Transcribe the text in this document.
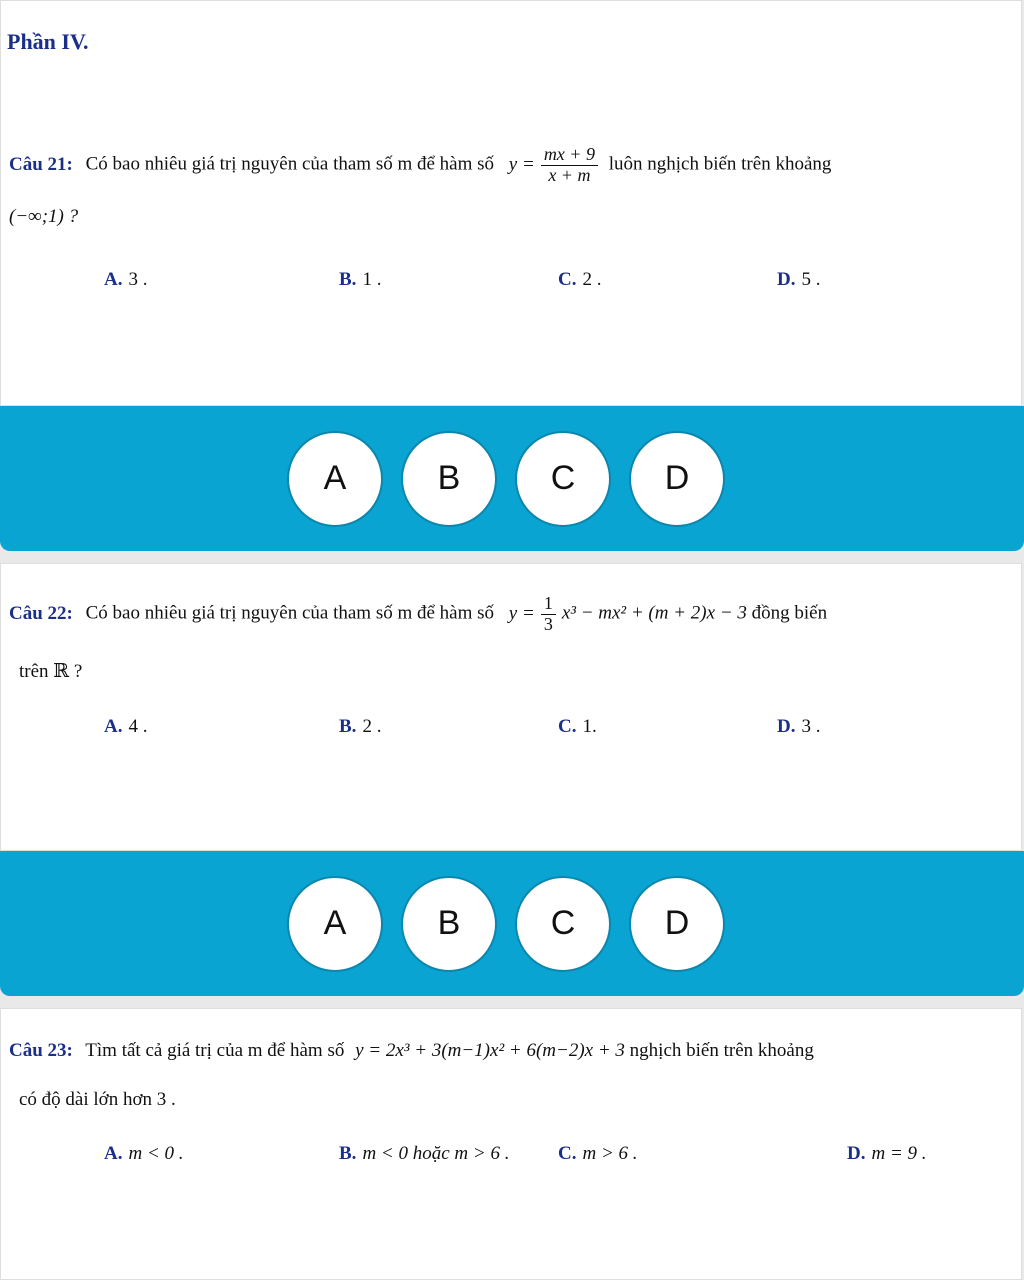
Phần IV.
Câu 21: Có bao nhiêu giá trị nguyên của tham số m để hàm số $y = \frac{mx + 9}{x + m}$ luôn nghịch biến trên khoảng
(−∞;1) ?
A. 3 .	B. 1 .	C. 2 .	D. 5 .
A	B	C	D
Câu 22: Có bao nhiêu giá trị nguyên của tham số m để hàm số $y = \frac{1}{3} x^3 - mx^2 + (m + 2)x - 3$ đồng biến
trên ℝ ?
A. 4 .	B. 2 .	C. 1.	D. 3 .
A	B	C	D
Câu 23: Tìm tất cả giá trị của m để hàm số y = 2x³ + 3(m−1)x² + 6(m−2)x + 3 nghịch biến trên khoảng
có độ dài lớn hơn 3 .
A. m < 0 .	B. m < 0 hoặc m > 6 .	C. m > 6 .	D. m = 9 .
